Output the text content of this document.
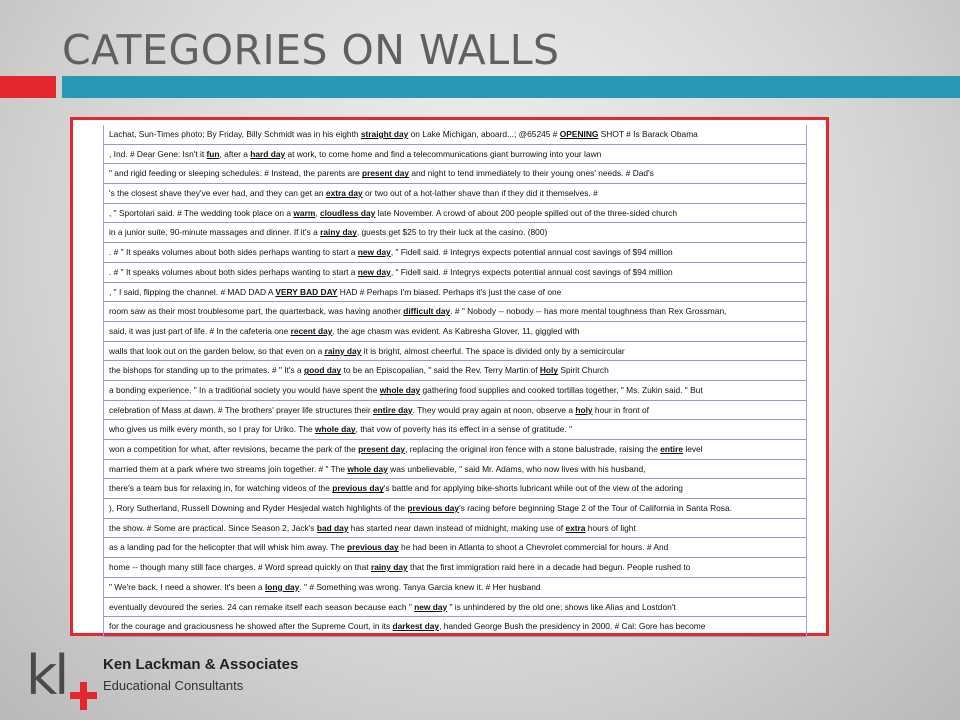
CATEGORIES ON WALLS
Lachat, Sun-Times photo; By Friday, Billy Schmidt was in his eighth straight day on Lake Michigan, aboard...; @65245 # OPENING SHOT # Is Barack Obama
, Ind. # Dear Gene: Isn't it fun, after a hard day at work, to come home and find a telecommunications giant burrowing into your lawn
" and rigid feeding or sleeping schedules. # Instead, the parents are present day and night to tend immediately to their young ones' needs. # Dad's
's the closest shave they've ever had, and they can get an extra day or two out of a hot-lather shave than if they did it themselves. #
, " Sportolari said. # The wedding took place on a warm, cloudless day late November. A crowd of about 200 people spilled out of the three-sided church
in a junior suite, 90-minute massages and dinner. If it's a rainy day, guests get $25 to try their luck at the casino. (800)
. # " It speaks volumes about both sides perhaps wanting to start a new day, " Fidell said. # Integrys expects potential annual cost savings of $94 million
. # " It speaks volumes about both sides perhaps wanting to start a new day, " Fidell said. # Integrys expects potential annual cost savings of $94 million
, " I said, flipping the channel. # MAD DAD A VERY BAD DAY HAD # Perhaps I'm biased. Perhaps it's just the case of one
room saw as their most troublesome part, the quarterback, was having another difficult day. # " Nobody -- nobody -- has more mental toughness than Rex Grossman,
said, it was just part of life. # In the cafeteria one recent day, the age chasm was evident. As Kabresha Glover, 11, giggled with
walls that look out on the garden below, so that even on a rainy day it is bright, almost cheerful. The space is divided only by a semicircular
the bishops for standing up to the primates. # " It's a good day to be an Episcopalian, " said the Rev. Terry Martin of Holy Spirit Church
a bonding experience. " In a traditional society you would have spent the whole day gathering food supplies and cooked tortillas together, " Ms. Zukin said. " But
celebration of Mass at dawn. # The brothers' prayer life structures their entire day. They would pray again at noon, observe a holy hour in front of
who gives us milk every month, so I pray for Uriko. The whole day, that vow of poverty has its effect in a sense of gratitude. "
won a competition for what, after revisions, became the park of the present day, replacing the original iron fence with a stone balustrade, raising the entire level
married them at a park where two streams join together. # " The whole day was unbelievable, " said Mr. Adams, who now lives with his husband,
there's a team bus for relaxing in, for watching videos of the previous day's battle and for applying bike-shorts lubricant while out of the view of the adoring
), Rory Sutherland, Russell Downing and Ryder Hesjedal watch highlights of the previous day's racing before beginning Stage 2 of the Tour of California in Santa Rosa.
the show. # Some are practical. Since Season 2, Jack's bad day has started near dawn instead of midnight, making use of extra hours of light
as a landing pad for the helicopter that will whisk him away. The previous day he had been in Atlanta to shoot a Chevrolet commercial for hours. # And
home -- though many still face charges. # Word spread quickly on that rainy day that the first immigration raid here in a decade had begun. People rushed to
" We're back. I need a shower. It's been a long day. " # Something was wrong. Tanya Garcia knew it. # Her husband
eventually devoured the series. 24 can remake itself each season because each " new day " is unhindered by the old one; shows like Alias and Lostdon't
for the courage and graciousness he showed after the Supreme Court, in its darkest day, handed George Bush the presidency in 2000. # Cal: Gore has become
kl Ken Lackman & Associates
Educational Consultants
